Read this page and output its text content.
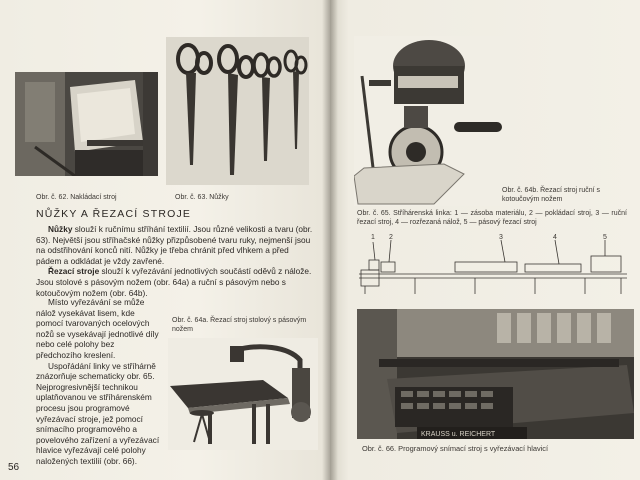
Obr. č. 62. Nakládací stroj	Obr. č. 63. Nůžky
NŮŽKY A ŘEZACÍ STROJE

Nůžky slouží k ručnímu stříhání textilií. Jsou různé velikosti a tvaru (obr. 63). Největší jsou stříhačské nůžky přizpůsobené tvaru ruky, nejmenší jsou na odstřihování konců nití. Nůžky je třeba chránit před vlhkem a před pádem a odkládat je vždy zavřené.

Řezací stroje slouží k vyřezávání jednotlivých součástí oděvů z nálože. Jsou stolové s pásovým nožem (obr. 64a) a ruční s pásovým nebo s kotoučovým nožem (obr. 64b).

Místo vyřezávání se může nálož vysekávat lisem, kde pomocí tvarovaných ocelových nožů se vysekávají jednotlivé díly nebo celé polohy bez předchozího kreslení.

Uspořádání linky ve stříhárně znázorňuje schematicky obr. 65. Nejprogresivnější technikou uplatňovanou ve stříhárenském procesu jsou programové vyřezávací stroje, jež pomocí snímacího programového a povelového zařízení a vyřezávací hlavice vyřezávají celé polohy naložených textilií (obr. 66).

Obr. č. 64a. Řezací stroj stolový s pásovým nožem
56
Obr. č. 64b. Řezací stroj ruční s kotoučovým nožem
Obr. č. 65. Stříhárenská linka: 1 — zásoba materiálu, 2 — pokládací stroj, 3 — ruční řezací stroj, 4 — rozřezaná nálož, 5 — pásový řezací stroj
1 2	3	4	5
KRAUSS u. REICHERT
Obr. č. 66. Programový snímací stroj s vyřezávací hlavicí
